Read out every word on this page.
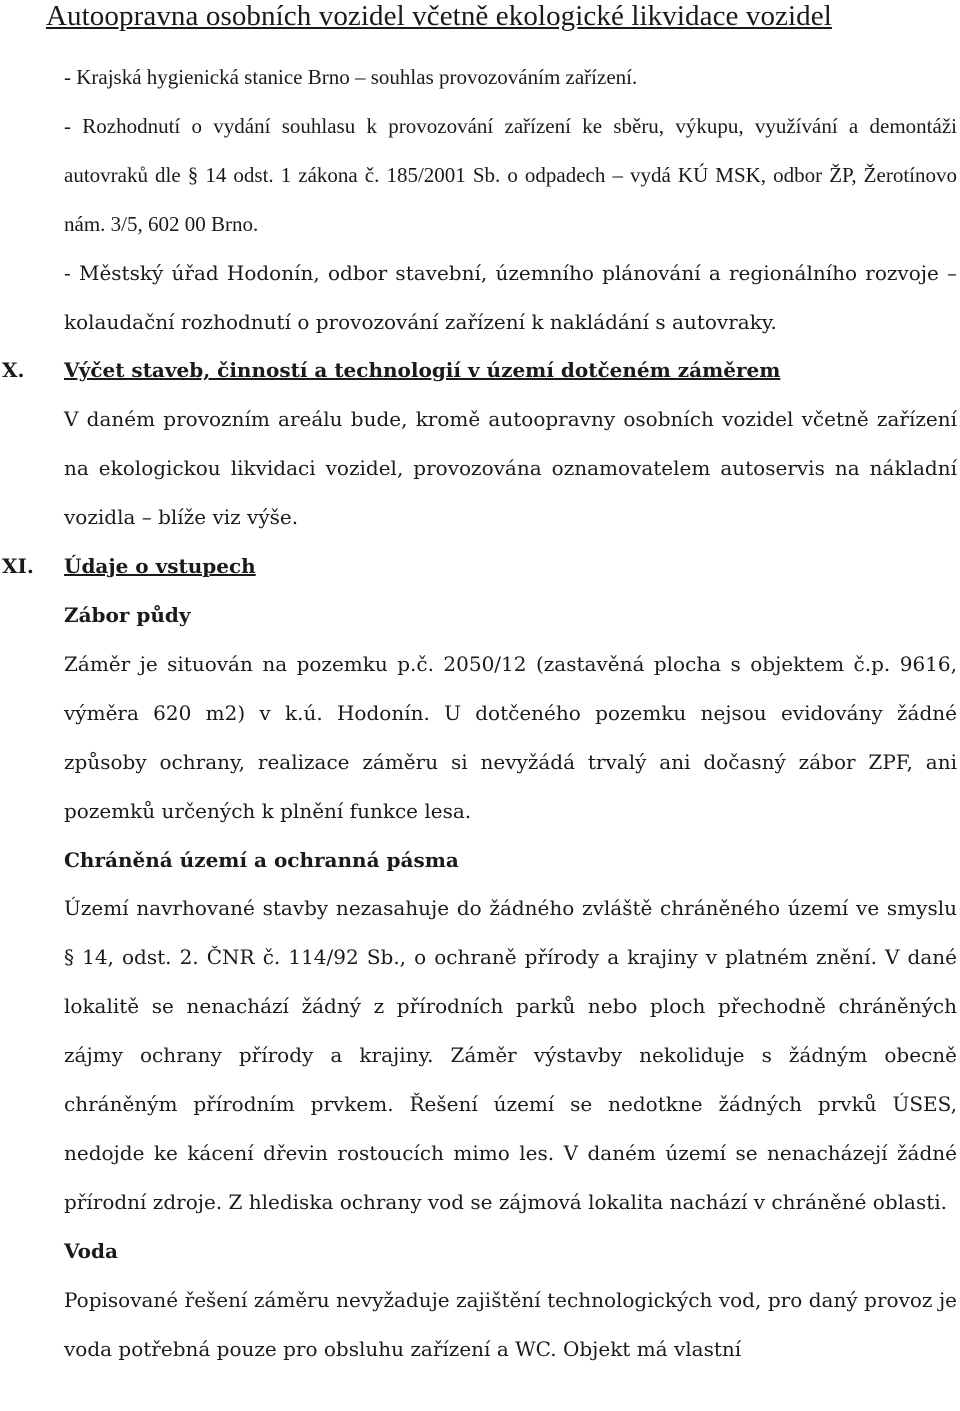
Autoopravna osobních vozidel včetně ekologické likvidace vozidel

- Krajská hygienická stanice Brno – souhlas provozováním zařízení.

- Rozhodnutí o vydání souhlasu k provozování zařízení ke sběru, výkupu, využívání a demontáži autovraků dle § 14 odst. 1 zákona č. 185/2001 Sb. o odpadech – vydá KÚ MSK, odbor ŽP, Žerotínovo nám. 3/5, 602 00 Brno.

- Městský úřad Hodonín, odbor stavební, územního plánování a regionálního rozvoje – kolaudační rozhodnutí o provozování zařízení k nakládání s autovraky.

X. Výčet staveb, činností a technologií v území dotčeném záměrem

V daném provozním areálu bude, kromě autoopravny osobních vozidel včetně zařízení na ekologickou likvidaci vozidel, provozována oznamovatelem autoservis na nákladní vozidla – blíže viz výše.

XI. Údaje o vstupech
Zábor půdy

Záměr je situován na pozemku p.č. 2050/12 (zastavěná plocha s objektem č.p. 9616, výměra 620 m2) v k.ú. Hodonín. U dotčeného pozemku nejsou evidovány žádné způsoby ochrany, realizace záměru si nevyžádá trvalý ani dočasný zábor ZPF, ani pozemků určených k plnění funkce lesa.

Chráněná území a ochranná pásma

Území navrhované stavby nezasahuje do žádného zvláště chráněného území ve smyslu § 14, odst. 2. ČNR č. 114/92 Sb., o ochraně přírody a krajiny v platném znění. V dané lokalitě se nenachází žádný z přírodních parků nebo ploch přechodně chráněných zájmy ochrany přírody a krajiny. Záměr výstavby nekoliduje s žádným obecně chráněným přírodním prvkem. Řešení území se nedotkne žádných prvků ÚSES, nedojde ke kácení dřevin rostoucích mimo les. V daném území se nenacházejí žádné přírodní zdroje. Z hlediska ochrany vod se zájmová lokalita nachází v chráněné oblasti.

Voda

Popisované řešení záměru nevyžaduje zajištění technologických vod, pro daný provoz je voda potřebná pouze pro obsluhu zařízení a WC. Objekt má vlastní
